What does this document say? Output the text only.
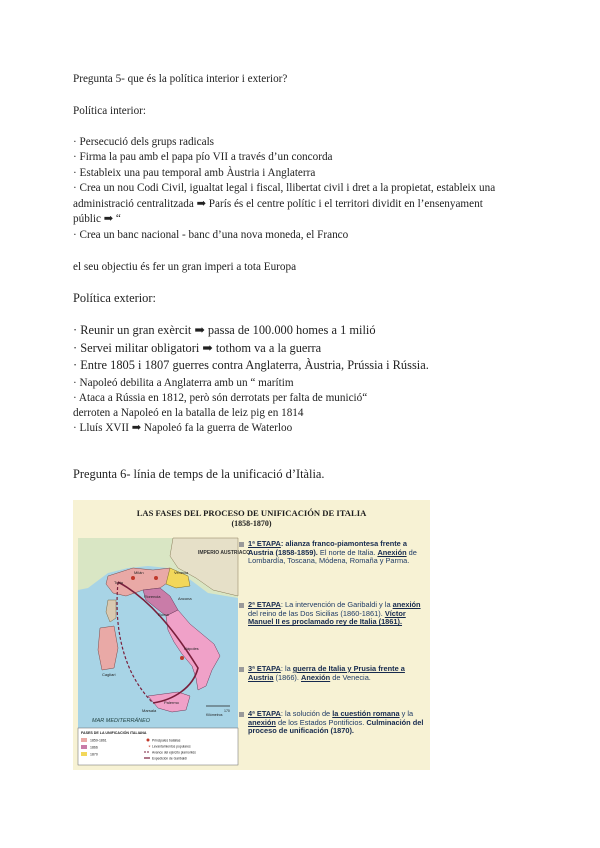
Pregunta 5- que és la política interior i exterior?
Política interior:
· Persecució dels grups radicals
· Firma la pau amb el papa pío VII a través d’un concorda
· Estableix una pau temporal amb Àustria i Anglaterra
· Crea un nou Codi Civil, igualtat legal i fiscal, llibertat civil i dret a la propietat, estableix una
administració centralitzada ➡ París és el centre polític i el territori dividit en l’ensenyament
públic ➡ “
· Crea un banc nacional - banc d’una nova moneda, el Franco
el seu objectiu és fer un gran imperi a tota Europa
Política exterior:
· Reunir un gran exèrcit ➡ passa de 100.000 homes a 1 milió
· Servei militar obligatori ➡ tothom va a la guerra
· Entre 1805 i 1807 guerres contra Anglaterra, Àustria, Prússia i Rússia.
· Napoleó debilita a Anglaterra amb un “ marítim
· Ataca a Rússia en 1812, però són derrotats per falta de munició“
derroten a Napoleó en la batalla de leiz pig en 1814
· Lluís XVII ➡ Napoleó fa la guerra de Waterloo
Pregunta 6- línia de temps de la unificació d’Itàlia.
LAS FASES DEL PROCESO DE UNIFICACIÓN DE ITALIA
(1858-1870)
IMPERIO AUSTRIACO
MAR MEDITERRÁNEO
Turín
Milán	Venecia
Florencia
Roma
Nápoles
Palermo
Marsala
Cagliari
Ancona
170
Kilómetros
FASES DE LA UNIFICACIÓN ITALIANA
1859-1861
1866
1870
Principales batallas
✶ Levantamientos populares
Avance del ejército piamontés
Expedición de Garibaldi
1ª ETAPA: alianza franco-piamontesa frente a Austria (1858-1859). El norte de Italia. Anexión de Lombardía, Toscana, Módena, Romaña y Parma.
2ª ETAPA: La intervención de Garibaldi y la anexión del reino de las Dos Sicilias (1860-1861). Víctor Manuel II es proclamado rey de Italia (1861).
3ª ETAPA: la guerra de Italia y Prusia frente a Austria (1866). Anexión de Venecia.
4ª ETAPA: la solución de la cuestión romana y la anexión de los Estados Pontificios. Culminación del proceso de unificación (1870).
